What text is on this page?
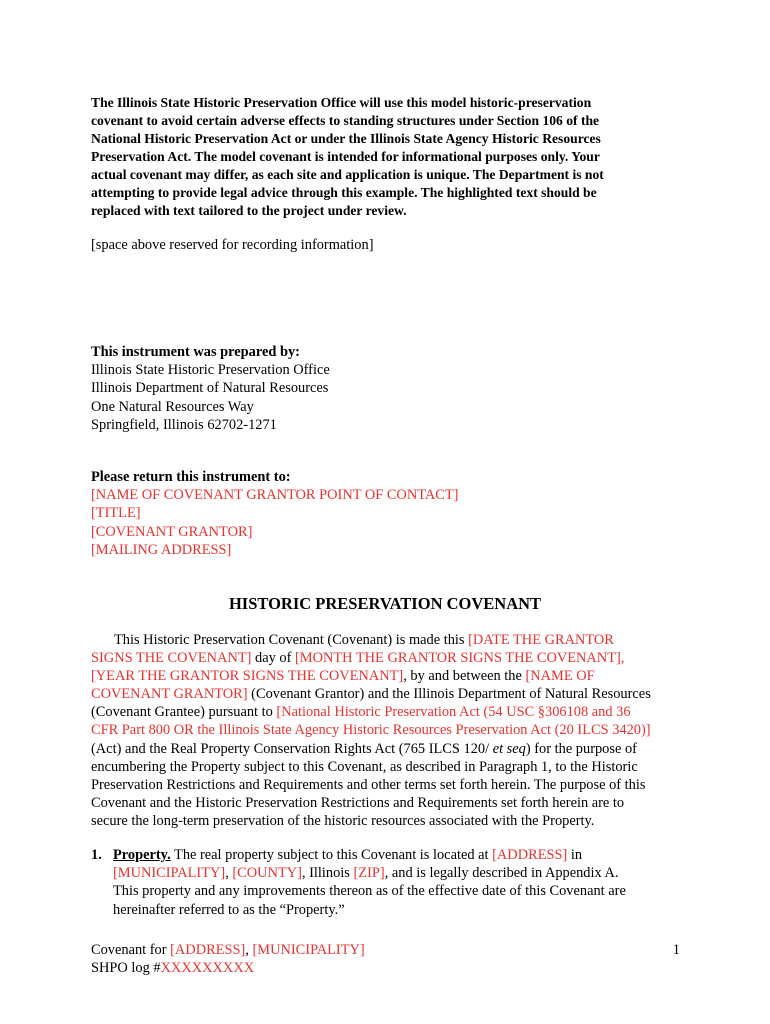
The Illinois State Historic Preservation Office will use this model historic-preservation
covenant to avoid certain adverse effects to standing structures under Section 106 of the
National Historic Preservation Act or under the Illinois State Agency Historic Resources
Preservation Act. The model covenant is intended for informational purposes only. Your
actual covenant may differ, as each site and application is unique. The Department is not
attempting to provide legal advice through this example. The highlighted text should be
replaced with text tailored to the project under review.
[space above reserved for recording information]
This instrument was prepared by:
Illinois State Historic Preservation Office
Illinois Department of Natural Resources
One Natural Resources Way
Springfield, Illinois 62702-1271
Please return this instrument to:
[NAME OF COVENANT GRANTOR POINT OF CONTACT]
[TITLE]
[COVENANT GRANTOR]
[MAILING ADDRESS]
HISTORIC PRESERVATION COVENANT
This Historic Preservation Covenant (Covenant) is made this [DATE THE GRANTOR
SIGNS THE COVENANT] day of [MONTH THE GRANTOR SIGNS THE COVENANT],
[YEAR THE GRANTOR SIGNS THE COVENANT], by and between the [NAME OF
COVENANT GRANTOR] (Covenant Grantor) and the Illinois Department of Natural Resources
(Covenant Grantee) pursuant to [National Historic Preservation Act (54 USC §306108 and 36
CFR Part 800 OR the Illinois State Agency Historic Resources Preservation Act (20 ILCS 3420)]
(Act) and the Real Property Conservation Rights Act (765 ILCS 120/ et seq) for the purpose of
encumbering the Property subject to this Covenant, as described in Paragraph 1, to the Historic
Preservation Restrictions and Requirements and other terms set forth herein. The purpose of this
Covenant and the Historic Preservation Restrictions and Requirements set forth herein are to
secure the long-term preservation of the historic resources associated with the Property.
1. Property. The real property subject to this Covenant is located at [ADDRESS] in
[MUNICIPALITY], [COUNTY], Illinois [ZIP], and is legally described in Appendix A.
This property and any improvements thereon as of the effective date of this Covenant are
hereinafter referred to as the “Property.”
Covenant for [ADDRESS], [MUNICIPALITY]
SHPO log #XXXXXXXXX
1
